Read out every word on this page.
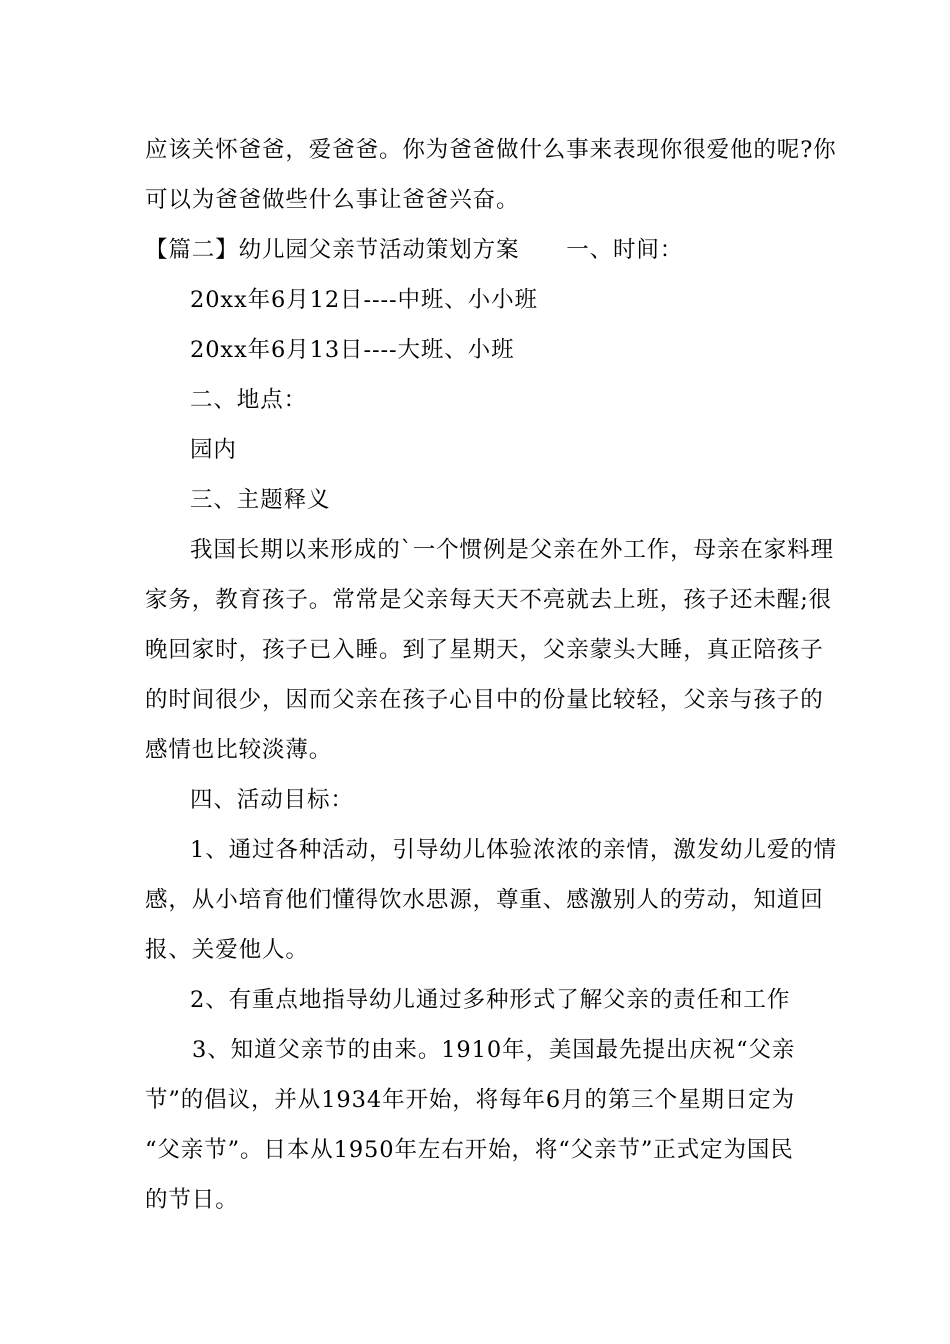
应该关怀爸爸，爱爸爸。你为爸爸做什么事来表现你很爱他的呢?你
可以为爸爸做些什么事让爸爸兴奋。
【篇二】幼儿园父亲节活动策划方案　　一、时间：
20xx年6月12日----中班、小小班
20xx年6月13日----大班、小班
二、地点：
园内
三、主题释义
我国长期以来形成的`一个惯例是父亲在外工作，母亲在家料理
家务，教育孩子。常常是父亲每天天不亮就去上班，孩子还未醒;很
晚回家时，孩子已入睡。到了星期天，父亲蒙头大睡，真正陪孩子
的时间很少，因而父亲在孩子心目中的份量比较轻，父亲与孩子的
感情也比较淡薄。
四、活动目标：
1、通过各种活动，引导幼儿体验浓浓的亲情，激发幼儿爱的情
感，从小培育他们懂得饮水思源，尊重、感激别人的劳动，知道回
报、关爱他人。
2、有重点地指导幼儿通过多种形式了解父亲的责任和工作
3、知道父亲节的由来。1910年，美国最先提出庆祝“父亲
节”的倡议，并从1934年开始，将每年6月的第三个星期日定为
“父亲节”。日本从1950年左右开始，将“父亲节”正式定为国民
的节日。
